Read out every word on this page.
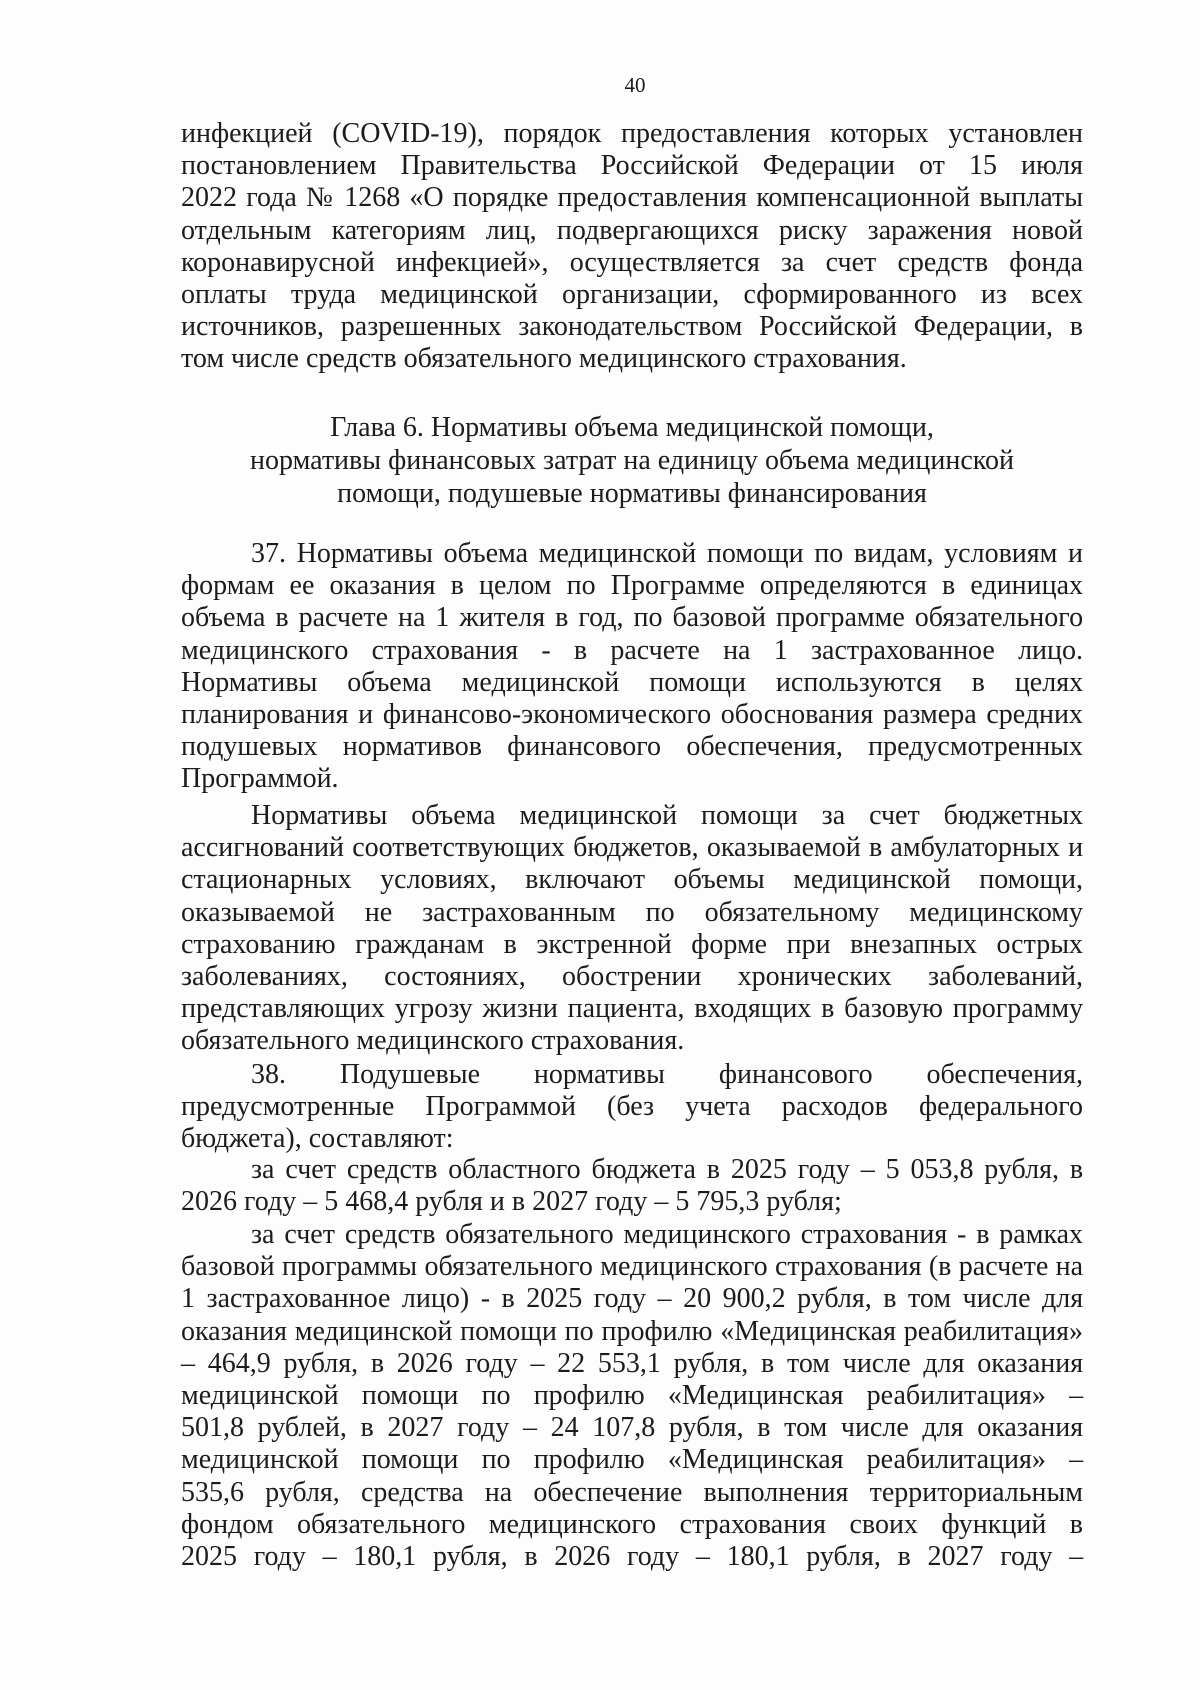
40
инфекцией (COVID-19), порядок предоставления которых установлен
постановлением Правительства Российской Федерации от 15 июля
2022 года № 1268 «О порядке предоставления компенсационной выплаты
отдельным категориям лиц, подвергающихся риску заражения новой
коронавирусной инфекцией», осуществляется за счет средств фонда
оплаты труда медицинской организации, сформированного из всех
источников, разрешенных законодательством Российской Федерации, в
том числе средств обязательного медицинского страхования.
Глава 6. Нормативы объема медицинской помощи,
нормативы финансовых затрат на единицу объема медицинской
помощи, подушевые нормативы финансирования
37. Нормативы объема медицинской помощи по видам, условиям и
формам ее оказания в целом по Программе определяются в единицах
объема в расчете на 1 жителя в год, по базовой программе обязательного
медицинского страхования - в расчете на 1 застрахованное лицо.
Нормативы объема медицинской помощи используются в целях
планирования и финансово-экономического обоснования размера средних
подушевых нормативов финансового обеспечения, предусмотренных
Программой.
Нормативы объема медицинской помощи за счет бюджетных
ассигнований соответствующих бюджетов, оказываемой в амбулаторных и
стационарных условиях, включают объемы медицинской помощи,
оказываемой не застрахованным по обязательному медицинскому
страхованию гражданам в экстренной форме при внезапных острых
заболеваниях, состояниях, обострении хронических заболеваний,
представляющих угрозу жизни пациента, входящих в базовую программу
обязательного медицинского страхования.
38. Подушевые нормативы финансового обеспечения,
предусмотренные Программой (без учета расходов федерального
бюджета), составляют:
за счет средств областного бюджета в 2025 году – 5 053,8 рубля, в
2026 году – 5 468,4 рубля и в 2027 году – 5 795,3 рубля;
за счет средств обязательного медицинского страхования - в рамках
базовой программы обязательного медицинского страхования (в расчете на
1 застрахованное лицо) - в 2025 году – 20 900,2 рубля, в том числе для
оказания медицинской помощи по профилю «Медицинская реабилитация»
– 464,9 рубля, в 2026 году – 22 553,1 рубля, в том числе для оказания
медицинской помощи по профилю «Медицинская реабилитация» –
501,8 рублей, в 2027 году – 24 107,8 рубля, в том числе для оказания
медицинской помощи по профилю «Медицинская реабилитация» –
535,6 рубля, средства на обеспечение выполнения территориальным
фондом обязательного медицинского страхования своих функций в
2025 году – 180,1 рубля, в 2026 году – 180,1 рубля, в 2027 году –
